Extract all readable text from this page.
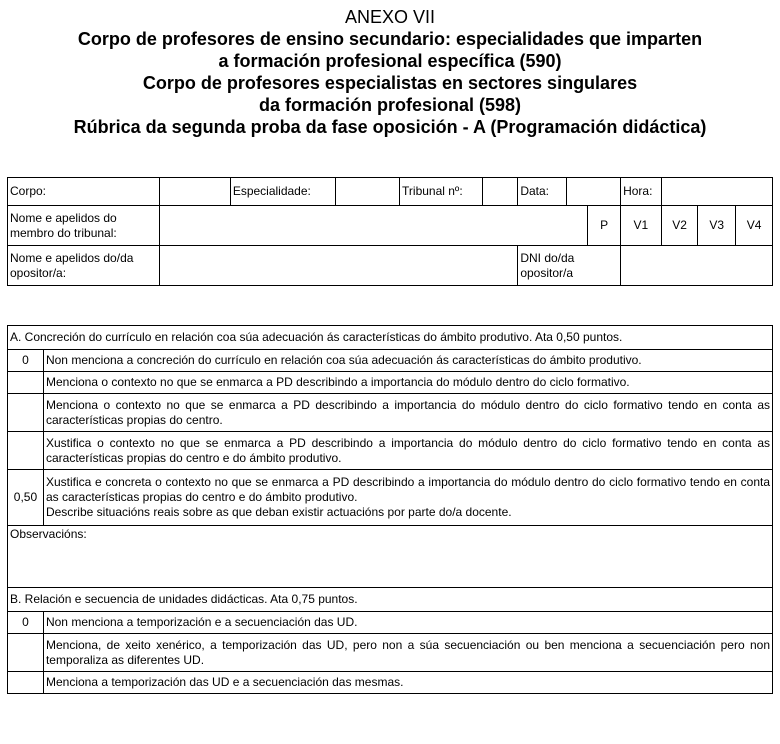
ANEXO VII
Corpo de profesores de ensino secundario: especialidades que imparten
a formación profesional específica (590)
Corpo de profesores especialistas en sectores singulares
da formación profesional (598)
Rúbrica da segunda proba da fase oposición - A (Programación didáctica)
Corpo:		Especialidade:		Tribunal nº:		Data:			Hora:			
Nome e apelidos do membro do tribunal:								P	V1	V2	V3	V4
Nome e apelidos do/da opositor/a:						DNI do/da opositor/a						
A. Concreción do currículo en relación coa súa adecuación ás características do ámbito produtivo. Ata 0,50 puntos.	
0	Non menciona a concreción do currículo en relación coa súa adecuación ás características do ámbito produtivo.
	Menciona o contexto no que se enmarca a PD describindo a importancia do módulo dentro do ciclo formativo.
	Menciona o contexto no que se enmarca a PD describindo a importancia do módulo dentro do ciclo formativo tendo en conta as características propias do centro.
	Xustifica o contexto no que se enmarca a PD describindo a importancia do módulo dentro do ciclo formativo tendo en conta as características propias do centro e do ámbito produtivo.
0,50	Xustifica e concreta o contexto no que se enmarca a PD describindo a importancia do módulo dentro do ciclo formativo tendo en conta as características propias do centro e do ámbito produtivo.
Describe situacións reais sobre as que deban existir actuacións por parte do/a docente.
Observacións:	
B. Relación e secuencia de unidades didácticas. Ata 0,75 puntos.	
0	Non menciona a temporización e a secuenciación das UD.
	Menciona, de xeito xenérico, a temporización das UD, pero non a súa secuenciación ou ben menciona a secuenciación pero non temporaliza as diferentes UD.
	Menciona a temporización das UD e a secuenciación das mesmas.
